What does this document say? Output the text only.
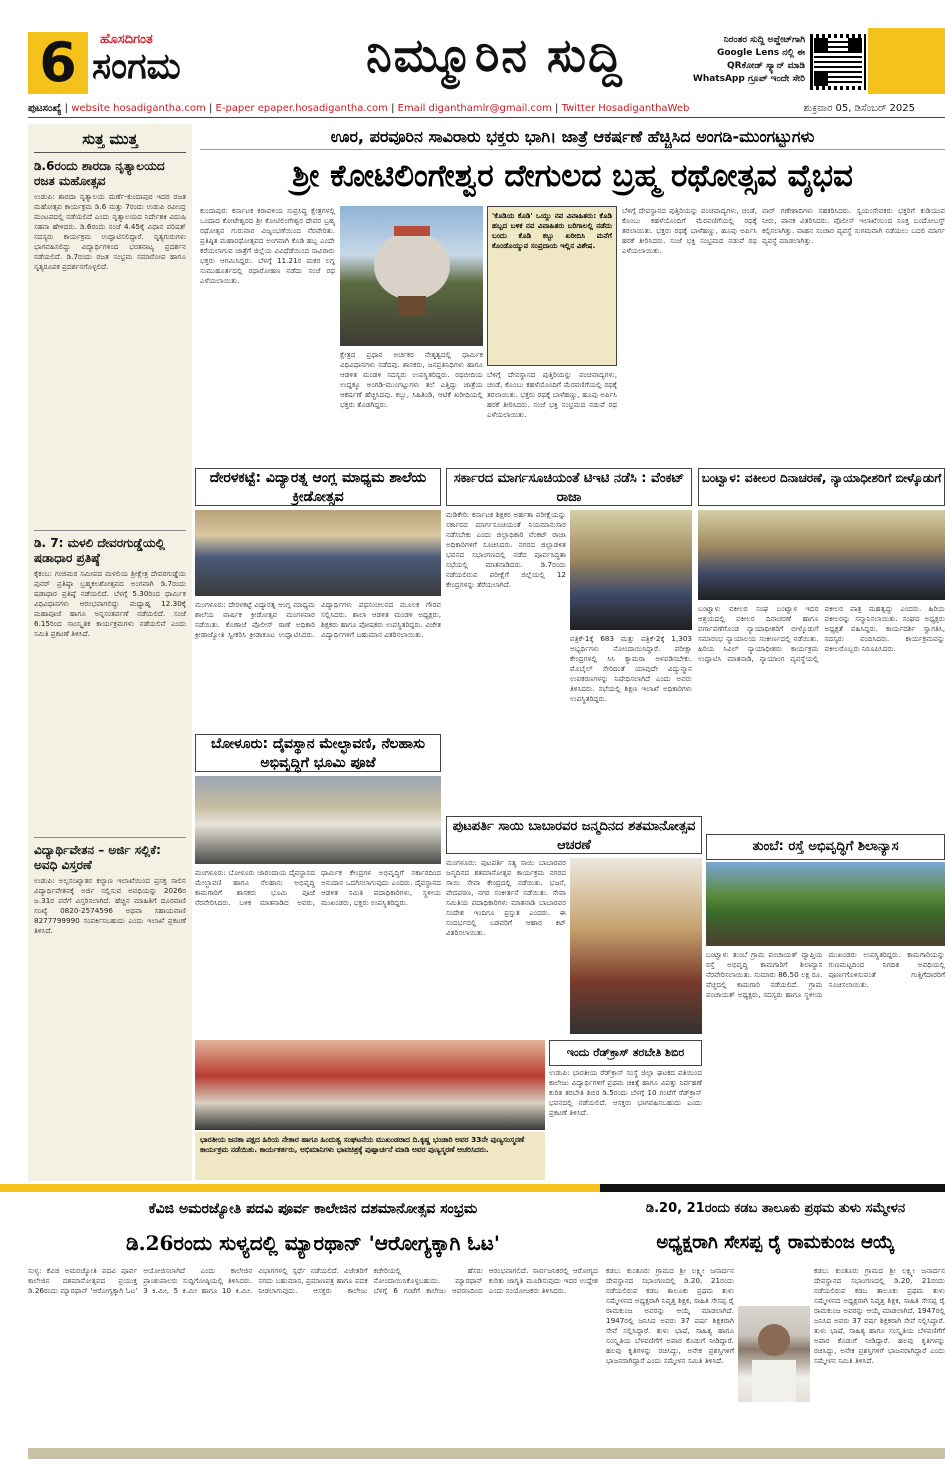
6	ಹೊಸದಿಗಂತ
ಸಂಗಮ	ನಿಮ್ಮೂರಿನ ಸುದ್ದಿ	ನಿರಂತರ ಸುದ್ದಿ ಅಪ್ಡೇಟ್‌ಗಾಗಿ Google Lens ನಲ್ಲಿ ಈ QRಕೋಡ್ ಸ್ಕ್ಯಾನ್ ಮಾಡಿ WhatsApp ಗ್ರೂಪ್ ಇಂದೇ ಸೇರಿ
ಪುಟಸಂಖ್ಯೆ | website hosadigantha.com | E-paper epaper.hosadigantha.com | Email diganthamlr@gmail.com | Twitter HosadiganthaWeb	ಶುಕ್ರವಾರ 05, ಡಿಸೆಂಬರ್ 2025
ಸುತ್ತ ಮುತ್ತ
ಡಿ.6ರಂದು ಶಾರದಾ ನೃತ್ಯಾಲಯದ ರಜತ ಮಹೋತ್ಸವ
ಉಡುಪಿ: ಶಾರದಾ ನೃತ್ಯಾಲಯ ಮರ್ಣೆ-ಕುಂದಾಪುರ ಇದರ ರಜತ ಮಹೋತ್ಸವ ಕಾರ್ಯಕ್ರಮ ಡಿ.6 ಮತ್ತು 7ರಂದು ಉಡುಪಿ ರವೀಂದ್ರ ಮಂಟಪದಲ್ಲಿ ನಡೆಯಲಿದೆ ಎಂದು ನೃತ್ಯಾಲಯದ ನಿರ್ದೇಶಕಿ ವಿದುಷಿ ಸಹನಾ ಹೇಳಿದರು. ಡಿ.6ರಂದು ಸಂಜೆ 4.45ಕ್ಕೆ ವಿಧಾನ ಪರಿಷತ್ ಸದಸ್ಯರು ಕಾರ್ಯಕ್ರಮ ಉದ್ಘಾಟಿಸಲಿದ್ದಾರೆ. ನೃತ್ಯಗುರುಗಳು ಭಾಗವಹಿಸಲಿದ್ದು ವಿದ್ಯಾರ್ಥಿಗಳಿಂದ ಭರತನಾಟ್ಯ ಪ್ರದರ್ಶನ ನಡೆಯಲಿದೆ. ಡಿ.7ರಂದು ರಜತ ಸಂಭ್ರಮ ಸಮಾರೋಪ ಹಾಗೂ ನೃತ್ಯರೂಪಕ ಪ್ರದರ್ಶನಗೊಳ್ಳಲಿದೆ.
ಡಿ. 7: ಮಳಲಿ ದೇವರಗುಡ್ಡೆಯಲ್ಲಿ ಷಡಾಧಾರ ಪ್ರತಿಷ್ಠೆ
ಕೈಕಂಬ: ಗಂಜಿಮಠ ಸಮೀಪದ ಮಳಲಿಯ ಶ್ರೀಕ್ಷೇತ್ರ ದೇವರಗುಡ್ಡೆಯ ಪುನರ್ ಪ್ರತಿಷ್ಠಾ ಬ್ರಹ್ಮಕಲಶೋತ್ಸವದ ಅಂಗವಾಗಿ ಡಿ.7ರಂದು ಷಡಾಧಾರ ಪ್ರತಿಷ್ಠೆ ನಡೆಯಲಿದೆ. ಬೆಳಗ್ಗೆ 5.30ರಿಂದ ಧಾರ್ಮಿಕ ವಿಧಿವಿಧಾನಗಳು ಆರಂಭವಾಗಲಿದ್ದು ಮಧ್ಯಾಹ್ನ 12.30ಕ್ಕೆ ಮಹಾಪೂಜೆ ಹಾಗೂ ಅನ್ನಸಂತರ್ಪಣೆ ನಡೆಯಲಿದೆ. ಸಂಜೆ 6.15ರಿಂದ ಸಾಂಸ್ಕೃತಿಕ ಕಾರ್ಯಕ್ರಮಗಳು ನಡೆಯಲಿವೆ ಎಂದು ಸಮಿತಿ ಪ್ರಕಟಣೆ ತಿಳಿಸಿದೆ.
ವಿದ್ಯಾರ್ಥಿವೇತನ – ಅರ್ಜಿ ಸಲ್ಲಿಕೆ: ಅವಧಿ ವಿಸ್ತರಣೆ
ಉಡುಪಿ: ಅಲ್ಪಸಂಖ್ಯಾತರ ಕಲ್ಯಾಣ ಇಲಾಖೆಯಿಂದ ಪ್ರಸಕ್ತ ಸಾಲಿನ ವಿದ್ಯಾರ್ಥಿವೇತನಕ್ಕೆ ಅರ್ಜಿ ಸಲ್ಲಿಸುವ ಅವಧಿಯನ್ನು 2026ರ ಜ.31ರ ವರೆಗೆ ವಿಸ್ತರಿಸಲಾಗಿದೆ. ಹೆಚ್ಚಿನ ಮಾಹಿತಿಗೆ ದೂರವಾಣಿ ಸಂಖ್ಯೆ 0820-2574596 ಅಥವಾ ಸಹಾಯವಾಣಿ 8277799990 ಸಂಪರ್ಕಿಸಬಹುದು ಎಂದು ಇಲಾಖೆ ಪ್ರಕಟಣೆ ತಿಳಿಸಿದೆ.
ಊರ, ಪರವೂರಿನ ಸಾವಿರಾರು ಭಕ್ತರು ಭಾಗಿ। ಜಾತ್ರೆ ಆಕರ್ಷಣೆ ಹೆಚ್ಚಿಸಿದ ಅಂಗಡಿ-ಮುಂಗಟ್ಟುಗಳು
ಶ್ರೀ ಕೋಟಿಲಿಂಗೇಶ್ವರ ದೇಗುಲದ ಬ್ರಹ್ಮ ರಥೋತ್ಸವ ವೈಭವ
ಕುಂದಾಪುರ: ಕರ್ನಾಟಕ ಕರಾವಳಿಯ ಸುಪ್ರಸಿದ್ಧ ಕ್ಷೇತ್ರಗಳಲ್ಲಿ ಒಂದಾದ ಕೋಟೇಶ್ವರದ ಶ್ರೀ ಕೋಟಿಲಿಂಗೇಶ್ವರ ದೇವರ ಬ್ರಹ್ಮ ರಥೋತ್ಸವ ಗುರುವಾರ ವಿಜೃಂಭಣೆಯಿಂದ ನೆರವೇರಿತು. ಪ್ರತಿಷ್ಠಿತ ಮಹಾರಥೋತ್ಸವದ ಅಂಗವಾಗಿ ಕೊಡಿ ಹಬ್ಬ ಎಂದೇ ಕರೆಯಲಾಗುವ ಜಾತ್ರೆಗೆ ಜಿಲ್ಲೆಯ ವಿವಿಧೆಡೆಯಿಂದ ಸಾವಿರಾರು ಭಕ್ತರು ಆಗಮಿಸಿದ್ದರು. ಬೆಳಗ್ಗೆ 11.21ರ ಮಕರ ಲಗ್ನ ಸುಮುಹೂರ್ತದಲ್ಲಿ ರಥಾರೋಹಣ ನಡೆದು ಸಂಜೆ ರಥ ಎಳೆಯಲಾಯಿತು.
ಕ್ಷೇತ್ರದ ಪ್ರಧಾನ ಅರ್ಚಕರ ನೇತೃತ್ವದಲ್ಲಿ ಧಾರ್ಮಿಕ ವಿಧಿವಿಧಾನಗಳು ನಡೆದವು. ಶಾಸಕರು, ಜನಪ್ರತಿನಿಧಿಗಳು ಹಾಗೂ ಆಡಳಿತ ಮಂಡಳಿ ಸದಸ್ಯರು ಉಪಸ್ಥಿತರಿದ್ದರು. ರಥಬೀದಿಯ ಉದ್ದಕ್ಕೂ ಅಂಗಡಿ-ಮುಂಗಟ್ಟುಗಳು ತಲೆ ಎತ್ತಿದ್ದು ಜಾತ್ರೆಯ ಆಕರ್ಷಣೆ ಹೆಚ್ಚಿಸಿದವು. ಕಬ್ಬು, ಸಿಹಿತಿಂಡಿ, ಆಟಿಕೆ ಖರೀದಿಯಲ್ಲಿ ಭಕ್ತರು ತೊಡಗಿದ್ದರು.
'ಕೊಡಿಯ ಕೊಡಿ' ಒಯ್ದು ನವ ವಿವಾಹಿತರು: ಕೊಡಿ ಹಬ್ಬದ ಬಳಿಕ ನವ ವಿವಾಹಿತರು ಬರಿಗಾಲಲ್ಲಿ ನಡೆದು ಬಂದು ಕೊಡಿ ಕಬ್ಬು ಖರೀದಿಸಿ ಮನೆಗೆ ಕೊಂಡೊಯ್ಯುವ ಸಂಪ್ರದಾಯ ಇಲ್ಲಿನ ವಿಶೇಷ.
ಬೆಳಿಗ್ಗೆ ದೇವಸ್ಥಾನದ ಪುತ್ತಿರಿಯನ್ನು ಪಂಚವಾದ್ಯಗಳು, ಚಂಡೆ, ಕೊಂಬು ಕಹಳೆಯೊಂದಿಗೆ ಮೆರವಣಿಗೆಯಲ್ಲಿ ರಥಕ್ಕೆ ತರಲಾಯಿತು. ಭಕ್ತರು ರಥಕ್ಕೆ ಬಾಳೆಹಣ್ಣು, ಹೂವು ಅರ್ಪಿಸಿ ಹರಕೆ ತೀರಿಸಿದರು. ಸಂಜೆ ಭಕ್ತಿ ಸಂಭ್ರಮದ ನಡುವೆ ರಥ ಎಳೆಯಲಾಯಿತು.
ಬೆಳಿಗ್ಗೆ ದೇವಸ್ಥಾನದ ಪುತ್ತಿರಿಯನ್ನು ಪಂಚವಾದ್ಯಗಳು, ಚಂಡೆ, ಕೊಂಬು ಕಹಳೆಯೊಂದಿಗೆ ಮೆರವಣಿಗೆಯಲ್ಲಿ ರಥಕ್ಕೆ ತರಲಾಯಿತು. ಭಕ್ತರು ರಥಕ್ಕೆ ಬಾಳೆಹಣ್ಣು, ಹೂವು ಅರ್ಪಿಸಿ ಹರಕೆ ತೀರಿಸಿದರು. ಸಂಜೆ ಭಕ್ತಿ ಸಂಭ್ರಮದ ನಡುವೆ ರಥ ಎಳೆಯಲಾಯಿತು.
ವಾರ್ ಗಣೇಶಾದಿಗಳು ಸಹಕರಿಸಿದರು. ಸ್ವಯಂಸೇವಕರು ಭಕ್ತರಿಗೆ ಕುಡಿಯುವ ನೀರು, ಪಾನಕ ವಿತರಿಸಿದರು. ಪೊಲೀಸ್ ಇಲಾಖೆಯಿಂದ ಸೂಕ್ತ ಬಂದೋಬಸ್ತ್ ಕಲ್ಪಿಸಲಾಗಿತ್ತು. ವಾಹನ ಸಂಚಾರ ವ್ಯವಸ್ಥೆ ಸುಗಮವಾಗಿ ನಡೆಯಲು ಬದಲಿ ಮಾರ್ಗ ವ್ಯವಸ್ಥೆ ಮಾಡಲಾಗಿತ್ತು.
ದೇರಳಕಟ್ಟೆ: ವಿದ್ಯಾರತ್ನ ಆಂಗ್ಲ ಮಾಧ್ಯಮ ಶಾಲೆಯ ಕ್ರೀಡೋತ್ಸವ
ಮಂಗಳೂರು: ದೇರಳಕಟ್ಟೆ ವಿದ್ಯಾರತ್ನ ಆಂಗ್ಲ ಮಾಧ್ಯಮ ಶಾಲೆಯ ವಾರ್ಷಿಕ ಕ್ರೀಡೋತ್ಸವ ಮಂಗಳವಾರ ನಡೆಯಿತು. ಕೊಣಾಜೆ ಪೊಲೀಸ್ ಠಾಣೆ ಅಧಿಕಾರಿ ಕ್ರೀಡಾಜ್ಯೋತಿ ಸ್ವೀಕರಿಸಿ ಕ್ರೀಡಾಕೂಟ ಉದ್ಘಾಟಿಸಿದರು. ವಿದ್ಯಾರ್ಥಿಗಳು ಪಥಸಂಚಲನದ ಮೂಲಕ ಗೌರವ ಸಲ್ಲಿಸಿದರು. ಶಾಲಾ ಆಡಳಿತ ಮಂಡಳಿ ಅಧ್ಯಕ್ಷರು, ಶಿಕ್ಷಕರು ಹಾಗೂ ಪೋಷಕರು ಉಪಸ್ಥಿತರಿದ್ದರು. ವಿಜೇತ ವಿದ್ಯಾರ್ಥಿಗಳಿಗೆ ಬಹುಮಾನ ವಿತರಿಸಲಾಯಿತು.
ಬೋಳೂರು: ದೈವಸ್ಥಾನ ಮೇಲ್ಛಾವಣಿ, ನೆಲಹಾಸು ಅಭಿವೃದ್ಧಿಗೆ ಭೂಮಿ ಪೂಜೆ
ಮಂಗಳೂರು: ಬೋಳೂರು ಜಾರಂದಾಯ ದೈವಸ್ಥಾನದ ಮೇಲ್ಛಾವಣಿ ಹಾಗೂ ನೆಲಹಾಸು ಅಭಿವೃದ್ಧಿ ಕಾಮಗಾರಿಗೆ ಶಾಸಕರು ಭೂಮಿ ಪೂಜೆ ನೆರವೇರಿಸಿದರು. ಬಳಿಕ ಮಾತನಾಡಿದ ಅವರು, ಧಾರ್ಮಿಕ ಕೇಂದ್ರಗಳ ಅಭಿವೃದ್ಧಿಗೆ ಸರ್ಕಾರದಿಂದ ಅನುದಾನ ಒದಗಿಸಲಾಗುವುದು ಎಂದರು. ದೈವಸ್ಥಾನದ ಆಡಳಿತ ಸಮಿತಿ ಪದಾಧಿಕಾರಿಗಳು, ಸ್ಥಳೀಯ ಮುಖಂಡರು, ಭಕ್ತರು ಉಪಸ್ಥಿತರಿದ್ದರು.
ಭಾರತೀಯ ಜನತಾ ಪಕ್ಷದ ಹಿರಿಯ ನೇತಾರ ಹಾಗೂ ಹಿಂದುತ್ವ ಸಂಘಟನೆಯ ಮುಖಂಡರಾದ ದಿ.ಕೃಷ್ಣ ಭಂಡಾರಿ ಅವರ 33ನೇ ಪುಣ್ಯಸಂಸ್ಮರಣೆ ಕಾರ್ಯಕ್ರಮ ನಡೆಯಿತು. ಕಾರ್ಯಕರ್ತರು, ಅಭಿಮಾನಿಗಳು ಭಾವಚಿತ್ರಕ್ಕೆ ಪುಷ್ಪಾರ್ಚನೆ ಮಾಡಿ ಅವರ ಪುಣ್ಯಸ್ಮರಣೆ ಆಚರಿಸಿದರು.
ಸರ್ಕಾರದ ಮಾರ್ಗಸೂಚಿಯಂತೆ ಟಿಇಟಿ ನಡೆಸಿ : ವೆಂಕಟ್ ರಾಜಾ
ಮಡಿಕೇರಿ: ಕರ್ನಾಟಕ ಶಿಕ್ಷಕರ ಅರ್ಹತಾ ಪರೀಕ್ಷೆಯನ್ನು ಸರ್ಕಾರದ ಮಾರ್ಗಸೂಚಿಯಂತೆ ನಿಯಮಾನುಸಾರ ನಡೆಸಬೇಕು ಎಂದು ಜಿಲ್ಲಾಧಿಕಾರಿ ವೆಂಕಟ್ ರಾಜಾ ಅಧಿಕಾರಿಗಳಿಗೆ ಸೂಚಿಸಿದರು. ನಗರದ ಜಿಲ್ಲಾಡಳಿತ ಭವನದ ಸಭಾಂಗಣದಲ್ಲಿ ನಡೆದ ಪೂರ್ವಸಿದ್ಧತಾ ಸಭೆಯಲ್ಲಿ ಮಾತನಾಡಿದರು. ಡಿ.7ರಂದು ನಡೆಯಲಿರುವ ಪರೀಕ್ಷೆಗೆ ಜಿಲ್ಲೆಯಲ್ಲಿ 12 ಕೇಂದ್ರಗಳನ್ನು ತೆರೆಯಲಾಗಿದೆ.
ಪತ್ರಿಕೆ-1ಕ್ಕೆ 683 ಮತ್ತು ಪತ್ರಿಕೆ-2ಕ್ಕೆ 1,303 ಅಭ್ಯರ್ಥಿಗಳು ನೋಂದಾಯಿಸಿದ್ದಾರೆ. ಪರೀಕ್ಷಾ ಕೇಂದ್ರಗಳಲ್ಲಿ ಸಿಸಿ ಕ್ಯಾಮರಾ ಅಳವಡಿಸಬೇಕು. ಮೊಬೈಲ್ ಸೇರಿದಂತೆ ಯಾವುದೇ ವಿದ್ಯುನ್ಮಾನ ಉಪಕರಣಗಳನ್ನು ನಿಷೇಧಿಸಲಾಗಿದೆ ಎಂದು ಅವರು ತಿಳಿಸಿದರು. ಸಭೆಯಲ್ಲಿ ಶಿಕ್ಷಣ ಇಲಾಖೆ ಅಧಿಕಾರಿಗಳು ಉಪಸ್ಥಿತರಿದ್ದರು.
ಪುಟಪರ್ತಿ ಸಾಯಿ ಬಾಬಾರವರ ಜನ್ಮದಿನದ ಶತಮಾನೋತ್ಸವ ಆಚರಣೆ
ಮಂಗಳೂರು: ಪುಟಪರ್ತಿ ಸತ್ಯ ಸಾಯಿ ಬಾಬಾರವರ ಜನ್ಮದಿನದ ಶತಮಾನೋತ್ಸವ ಕಾರ್ಯಕ್ರಮ ನಗರದ ಸಾಯಿ ಸೇವಾ ಕೇಂದ್ರದಲ್ಲಿ ನಡೆಯಿತು. ಭಜನೆ, ವೇದಪಠಣ, ನಗರ ಸಂಕೀರ್ತನೆ ನಡೆಯಿತು. ಸೇವಾ ಸಮಿತಿಯ ಪದಾಧಿಕಾರಿಗಳು ಮಾತನಾಡಿ ಬಾಬಾರವರ ಸಂದೇಶ ಇಂದಿಗೂ ಪ್ರಸ್ತುತ ಎಂದರು. ಈ ಸಂದರ್ಭದಲ್ಲಿ ಬಡವರಿಗೆ ಆಹಾರ ಕಿಟ್ ವಿತರಿಸಲಾಯಿತು.
ಬಂಟ್ವಾಳ: ವಕೀಲರ ದಿನಾಚರಣೆ, ನ್ಯಾಯಾಧೀಶರಿಗೆ ಬೀಳ್ಕೊಡುಗೆ
ಬಂಟ್ವಾಳ: ವಕೀಲರ ಸಂಘ ಬಂಟ್ವಾಳ ಇದರ ಆಶ್ರಯದಲ್ಲಿ ವಕೀಲರ ದಿನಾಚರಣೆ ಹಾಗೂ ವರ್ಗಾವಣೆಗೊಂಡ ನ್ಯಾಯಾಧೀಶರಿಗೆ ಬೀಳ್ಕೊಡುಗೆ ಸಮಾರಂಭ ನ್ಯಾಯಾಲಯ ಸಂಕೀರ್ಣದಲ್ಲಿ ನಡೆಯಿತು. ಹಿರಿಯ ಸಿವಿಲ್ ನ್ಯಾಯಾಧೀಶರು ಕಾರ್ಯಕ್ರಮ ಉದ್ಘಾಟಿಸಿ ಮಾತನಾಡಿ, ನ್ಯಾಯಾಂಗ ವ್ಯವಸ್ಥೆಯಲ್ಲಿ ವಕೀಲರ ಪಾತ್ರ ಮಹತ್ವದ್ದು ಎಂದರು. ಹಿರಿಯ ವಕೀಲರನ್ನು ಸನ್ಮಾನಿಸಲಾಯಿತು. ಸಂಘದ ಅಧ್ಯಕ್ಷರು ಅಧ್ಯಕ್ಷತೆ ವಹಿಸಿದ್ದರು. ಕಾರ್ಯದರ್ಶಿ ಸ್ವಾಗತಿಸಿ, ಸದಸ್ಯರು ವಂದಿಸಿದರು. ಕಾರ್ಯಕ್ರಮವನ್ನು ವಕೀಲರೊಬ್ಬರು ನಿರೂಪಿಸಿದರು.
ತುಂಬೆ: ರಸ್ತೆ ಅಭಿವೃದ್ಧಿಗೆ ಶಿಲಾನ್ಯಾಸ
ಬಂಟ್ವಾಳ: ತುಂಬೆ ಗ್ರಾಮ ಪಂಚಾಯತ್ ವ್ಯಾಪ್ತಿಯ ರಸ್ತೆ ಅಭಿವೃದ್ಧಿ ಕಾಮಗಾರಿಗೆ ಶಿಲಾನ್ಯಾಸ ನೆರವೇರಿಸಲಾಯಿತು. ಸುಮಾರು 86.50 ಲಕ್ಷ ರೂ. ವೆಚ್ಚದಲ್ಲಿ ಕಾಮಗಾರಿ ನಡೆಯಲಿದೆ. ಗ್ರಾಮ ಪಂಚಾಯತ್ ಅಧ್ಯಕ್ಷರು, ಸದಸ್ಯರು ಹಾಗೂ ಸ್ಥಳೀಯ ಮುಖಂಡರು ಉಪಸ್ಥಿತರಿದ್ದರು. ಕಾಮಗಾರಿಯನ್ನು ಗುಣಮಟ್ಟದಿಂದ ನಿಗದಿತ ಅವಧಿಯಲ್ಲಿ ಪೂರ್ಣಗೊಳಿಸುವಂತೆ ಗುತ್ತಿಗೆದಾರರಿಗೆ ಸೂಚಿಸಲಾಯಿತು.
ಇಂದು ರೆಡ್‌ಕ್ರಾಸ್ ತರಬೇತಿ ಶಿಬಿರ
ಉಡುಪಿ: ಭಾರತೀಯ ರೆಡ್‌ಕ್ರಾಸ್ ಸಂಸ್ಥೆ ಜಿಲ್ಲಾ ಘಟಕದ ವತಿಯಿಂದ ಕಾಲೇಜು ವಿದ್ಯಾರ್ಥಿಗಳಿಗೆ ಪ್ರಥಮ ಚಿಕಿತ್ಸೆ ಹಾಗೂ ವಿಪತ್ತು ನಿರ್ವಹಣೆ ಕುರಿತ ತರಬೇತಿ ಶಿಬಿರ ಡಿ.5ರಂದು ಬೆಳಗ್ಗೆ 10 ಗಂಟೆಗೆ ರೆಡ್‌ಕ್ರಾಸ್ ಭವನದಲ್ಲಿ ನಡೆಯಲಿದೆ. ಆಸಕ್ತರು ಭಾಗವಹಿಸಬಹುದು ಎಂದು ಪ್ರಕಟಣೆ ತಿಳಿಸಿದೆ.
ಕೆವಿಜಿ ಅಮರಜ್ಯೋತಿ ಪದವಿ ಪೂರ್ವ ಕಾಲೇಜಿನ ದಶಮಾನೋತ್ಸವ ಸಂಭ್ರಮ
ಡಿ.26ರಂದು ಸುಳ್ಯದಲ್ಲಿ ಮ್ಯಾರಥಾನ್ 'ಆರೋಗ್ಯಕ್ಕಾಗಿ ಓಟ'
ಸುಳ್ಯ: ಕೆವಿಜಿ ಅಮರಜ್ಯೋತಿ ಪದವಿ ಪೂರ್ವ ಕಾಲೇಜಿನ ದಶಮಾನೋತ್ಸವದ ಪ್ರಯುಕ್ತ ಡಿ.26ರಂದು ಮ್ಯಾರಥಾನ್ 'ಆರೋಗ್ಯಕ್ಕಾಗಿ ಓಟ' ಆಯೋಜಿಸಲಾಗಿದೆ ಎಂದು ಕಾಲೇಜಿನ ಪ್ರಾಂಶುಪಾಲರು ಸುದ್ದಿಗೋಷ್ಠಿಯಲ್ಲಿ ತಿಳಿಸಿದರು. 3 ಕಿ.ಮೀ, 5 ಕಿ.ಮೀ ಹಾಗೂ 10 ಕಿ.ಮೀ. ವಿಭಾಗಗಳಲ್ಲಿ ಸ್ಪರ್ಧೆ ನಡೆಯಲಿದೆ. ವಿಜೇತರಿಗೆ ನಗದು ಬಹುಮಾನ, ಪ್ರಮಾಣಪತ್ರ ಹಾಗೂ ಪದಕ ನೀಡಲಾಗುವುದು. ಆಸಕ್ತರು ಕಾಲೇಜು ಕಚೇರಿಯಲ್ಲಿ ಹೆಸರು ನೋಂದಾಯಿಸಿಕೊಳ್ಳಬಹುದು. ಮ್ಯಾರಥಾನ್ ಬೆಳಗ್ಗೆ 6 ಗಂಟೆಗೆ ಕಾಲೇಜು ಆವರಣದಿಂದ ಆರಂಭವಾಗಲಿದೆ. ಸಾರ್ವಜನಿಕರಲ್ಲಿ ಆರೋಗ್ಯದ ಕುರಿತು ಜಾಗೃತಿ ಮೂಡಿಸುವುದು ಇದರ ಉದ್ದೇಶ ಎಂದು ಸಂಯೋಜಕರು ತಿಳಿಸಿದರು.
ಡಿ.20, 21ರಂದು ಕಡಬ ತಾಲೂಕು ಪ್ರಥಮ ತುಳು ಸಮ್ಮೇಳನ
ಅಧ್ಯಕ್ಷರಾಗಿ ಸೇಸಪ್ಪ ರೈ ರಾಮಕುಂಜ ಆಯ್ಕೆ
ಕಡಬ: ಕುಂತೂರು ಗ್ರಾಮದ ಶ್ರೀ ಲಕ್ಷ್ಮೀ ಜನಾರ್ದನ ದೇವಸ್ಥಾನದ ಸಭಾಂಗಣದಲ್ಲಿ ಡಿ.20, 21ರಂದು ನಡೆಯಲಿರುವ ಕಡಬ ತಾಲೂಕು ಪ್ರಥಮ ತುಳು ಸಮ್ಮೇಳನದ ಅಧ್ಯಕ್ಷರಾಗಿ ನಿವೃತ್ತ ಶಿಕ್ಷಕ, ಸಾಹಿತಿ ಸೇಸಪ್ಪ ರೈ ರಾಮಕುಂಜ ಅವರನ್ನು ಆಯ್ಕೆ ಮಾಡಲಾಗಿದೆ. 1947ರಲ್ಲಿ ಜನಿಸಿದ ಅವರು 37 ವರ್ಷ ಶಿಕ್ಷಕರಾಗಿ ಸೇವೆ ಸಲ್ಲಿಸಿದ್ದಾರೆ. ತುಳು ಭಾಷೆ, ಸಾಹಿತ್ಯ ಹಾಗೂ ಸಂಸ್ಕೃತಿಯ ಬೆಳವಣಿಗೆಗೆ ಅಪಾರ ಕೊಡುಗೆ ನೀಡಿದ್ದಾರೆ. ಹಲವು ಕೃತಿಗಳನ್ನು ರಚಿಸಿದ್ದು, ಅನೇಕ ಪ್ರಶಸ್ತಿಗಳಿಗೆ ಭಾಜನರಾಗಿದ್ದಾರೆ ಎಂದು ಸಮ್ಮೇಳನ ಸಮಿತಿ ತಿಳಿಸಿದೆ.
ಕಡಬ: ಕುಂತೂರು ಗ್ರಾಮದ ಶ್ರೀ ಲಕ್ಷ್ಮೀ ಜನಾರ್ದನ ದೇವಸ್ಥಾನದ ಸಭಾಂಗಣದಲ್ಲಿ ಡಿ.20, 21ರಂದು ನಡೆಯಲಿರುವ ಕಡಬ ತಾಲೂಕು ಪ್ರಥಮ ತುಳು ಸಮ್ಮೇಳನದ ಅಧ್ಯಕ್ಷರಾಗಿ ನಿವೃತ್ತ ಶಿಕ್ಷಕ, ಸಾಹಿತಿ ಸೇಸಪ್ಪ ರೈ ರಾಮಕುಂಜ ಅವರನ್ನು ಆಯ್ಕೆ ಮಾಡಲಾಗಿದೆ. 1947ರಲ್ಲಿ ಜನಿಸಿದ ಅವರು 37 ವರ್ಷ ಶಿಕ್ಷಕರಾಗಿ ಸೇವೆ ಸಲ್ಲಿಸಿದ್ದಾರೆ. ತುಳು ಭಾಷೆ, ಸಾಹಿತ್ಯ ಹಾಗೂ ಸಂಸ್ಕೃತಿಯ ಬೆಳವಣಿಗೆಗೆ ಅಪಾರ ಕೊಡುಗೆ ನೀಡಿದ್ದಾರೆ. ಹಲವು ಕೃತಿಗಳನ್ನು ರಚಿಸಿದ್ದು, ಅನೇಕ ಪ್ರಶಸ್ತಿಗಳಿಗೆ ಭಾಜನರಾಗಿದ್ದಾರೆ ಎಂದು ಸಮ್ಮೇಳನ ಸಮಿತಿ ತಿಳಿಸಿದೆ.
